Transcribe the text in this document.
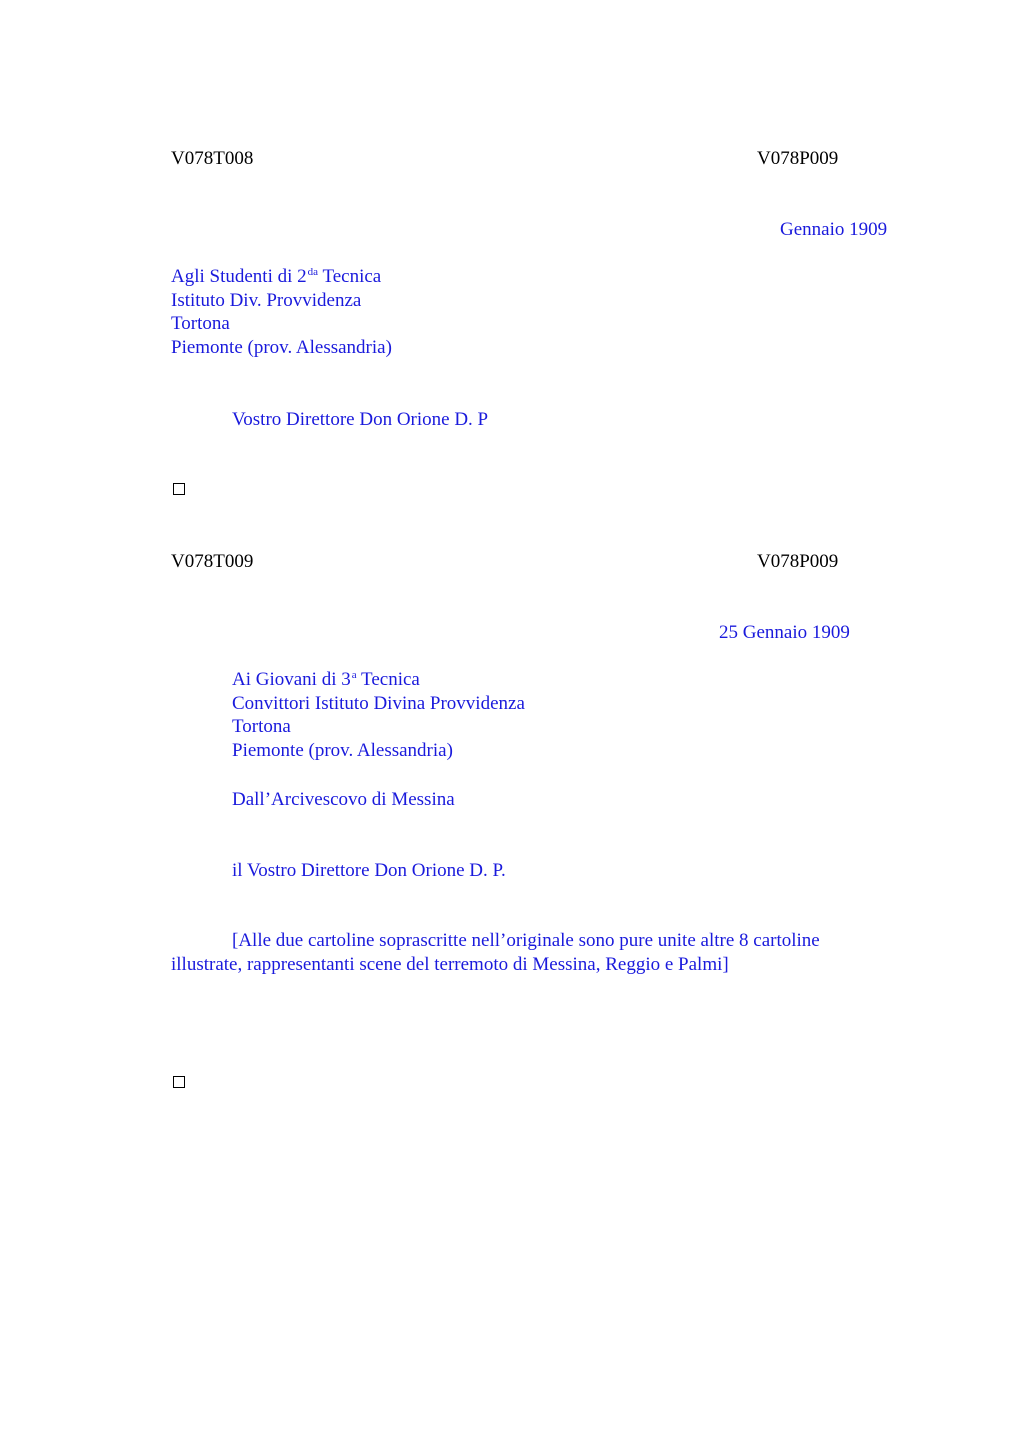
V078T008	V078P009
Gennaio 1909
Agli Studenti di $2^{da}$ Tecnica
Istituto Div. Provvidenza
Tortona
Piemonte (prov. Alessandria)
Vostro Direttore Don Orione D. P
V078T009	V078P009
25 Gennaio 1909
Ai Giovani di 3$^a$ Tecnica
Convittori Istituto Divina Provvidenza
Tortona
Piemonte (prov. Alessandria)
Dall’Arcivescovo di Messina
il Vostro Direttore Don Orione D. P.
[Alle due cartoline soprascritte nell’originale sono pure unite altre 8 cartoline illustrate, rappresentanti scene del terremoto di Messina, Reggio e Palmi]
